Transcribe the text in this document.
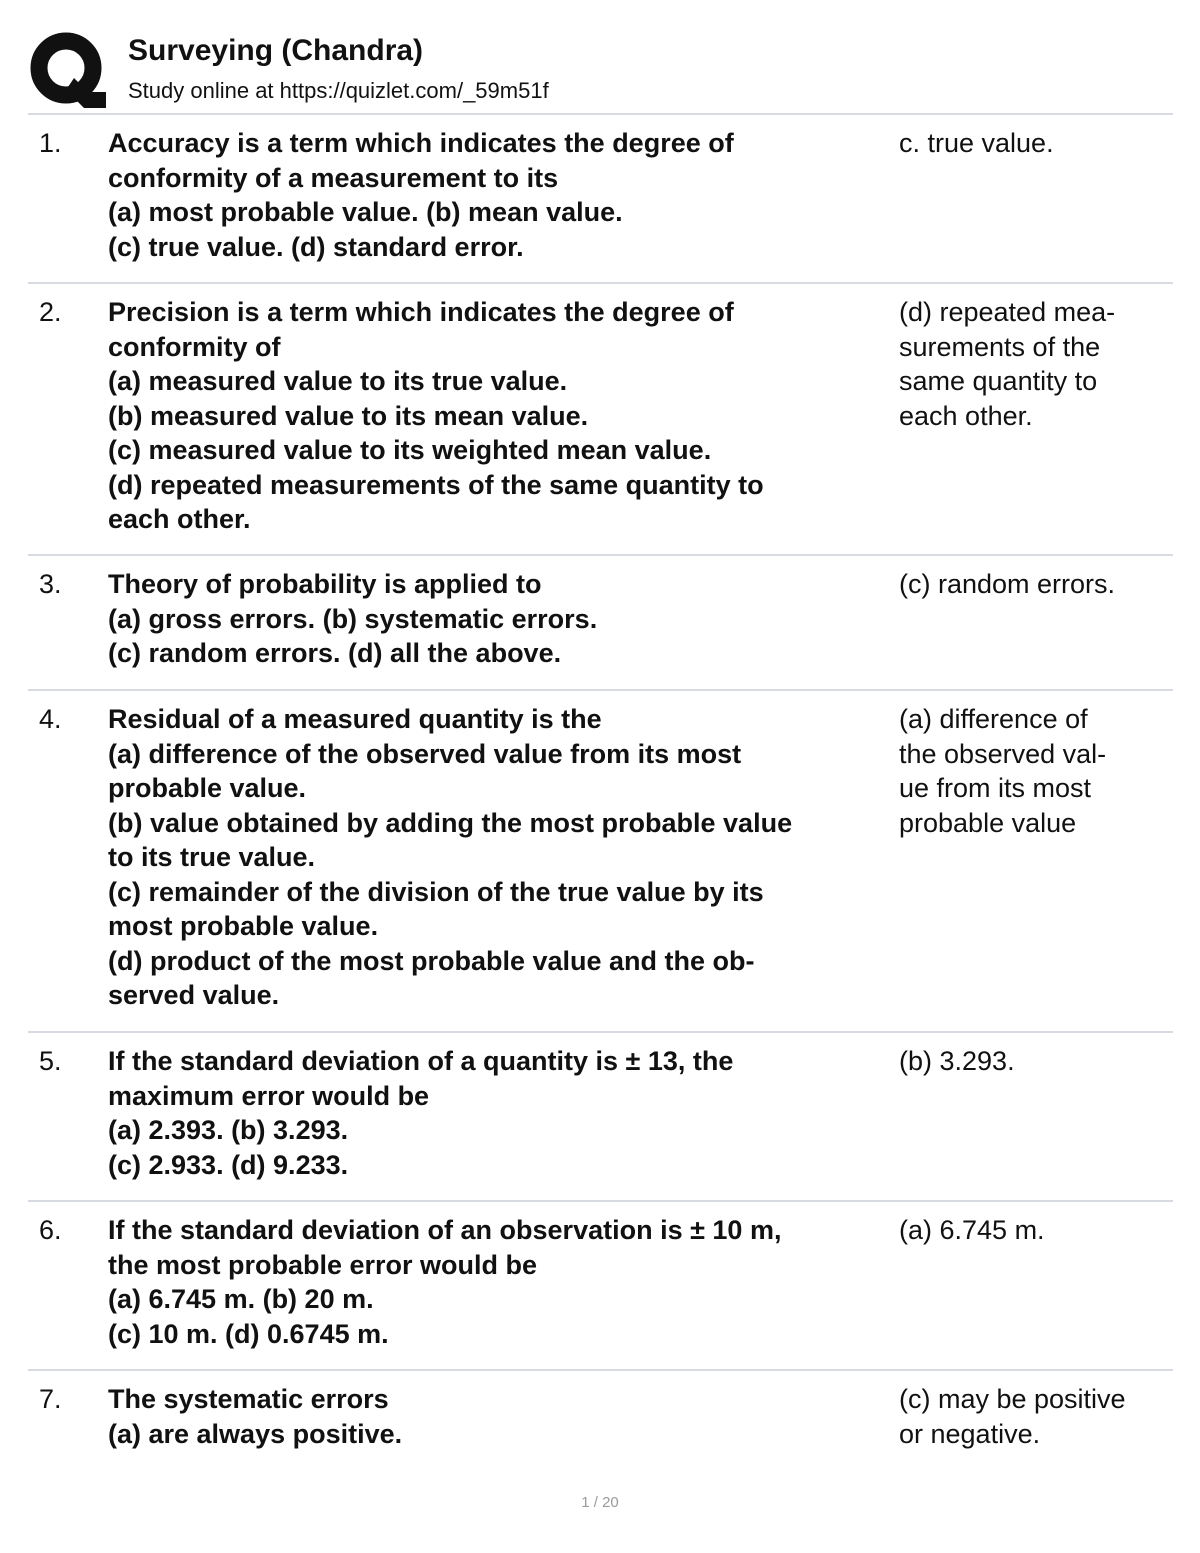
Surveying (Chandra)
Study online at https://quizlet.com/_59m51f
1. Accuracy is a term which indicates the degree of
conformity of a measurement to its
(a) most probable value. (b) mean value.
(c) true value. (d) standard error.
c. true value.
2. Precision is a term which indicates the degree of
conformity of
(a) measured value to its true value.
(b) measured value to its mean value.
(c) measured value to its weighted mean value.
(d) repeated measurements of the same quantity to
each other.
(d) repeated mea-
surements of the
same quantity to
each other.
3. Theory of probability is applied to
(a) gross errors. (b) systematic errors.
(c) random errors. (d) all the above.
(c) random errors.
4. Residual of a measured quantity is the
(a) difference of the observed value from its most
probable value.
(b) value obtained by adding the most probable value
to its true value.
(c) remainder of the division of the true value by its
most probable value.
(d) product of the most probable value and the ob-
served value.
(a) difference of
the observed val-
ue from its most
probable value
5. If the standard deviation of a quantity is ± 13, the
maximum error would be
(a) 2.393. (b) 3.293.
(c) 2.933. (d) 9.233.
(b) 3.293.
6. If the standard deviation of an observation is ± 10 m,
the most probable error would be
(a) 6.745 m. (b) 20 m.
(c) 10 m. (d) 0.6745 m.
(a) 6.745 m.
7. The systematic errors
(a) are always positive.
(c) may be positive
or negative.
1 / 20
